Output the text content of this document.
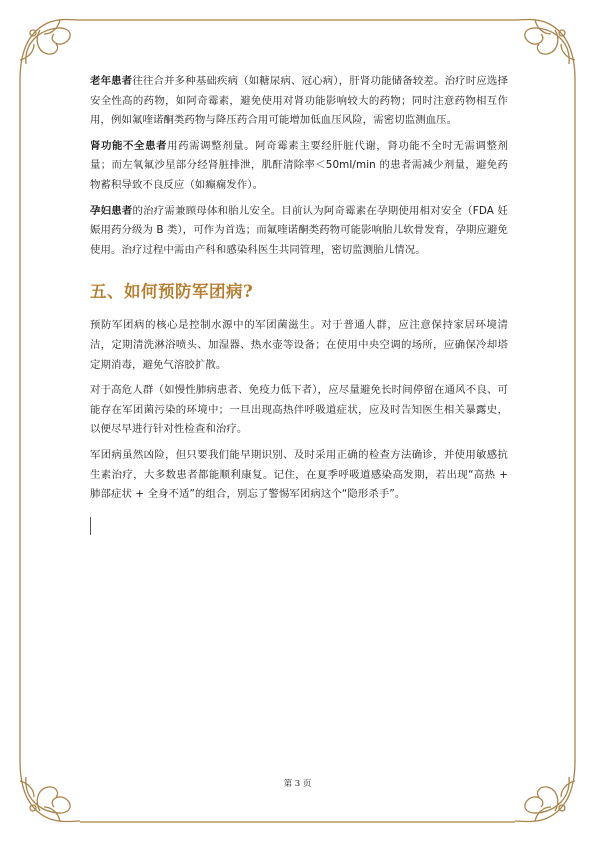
老年患者往往合并多种基础疾病（如糖尿病、冠心病），肝肾功能储备较差。治疗时应选择安全性高的药物，如阿奇霉素，避免使用对肾功能影响较大的药物；同时注意药物相互作用，例如氟喹诺酮类药物与降压药合用可能增加低血压风险，需密切监测血压。

肾功能不全患者用药需调整剂量。阿奇霉素主要经肝脏代谢，肾功能不全时无需调整剂量；而左氧氟沙星部分经肾脏排泄，肌酐清除率＜50ml/min 的患者需减少剂量，避免药物蓄积导致不良反应（如癫痫发作）。

孕妇患者的治疗需兼顾母体和胎儿安全。目前认为阿奇霉素在孕期使用相对安全（FDA 妊娠用药分级为 B 类），可作为首选；而氟喹诺酮类药物可能影响胎儿软骨发育，孕期应避免使用。治疗过程中需由产科和感染科医生共同管理，密切监测胎儿情况。

五、如何预防军团病?

预防军团病的核心是控制水源中的军团菌滋生。对于普通人群，应注意保持家居环境清洁，定期清洗淋浴喷头、加湿器、热水壶等设备；在使用中央空调的场所，应确保冷却塔定期消毒，避免气溶胶扩散。

对于高危人群（如慢性肺病患者、免疫力低下者），应尽量避免长时间停留在通风不良、可能存在军团菌污染的环境中；一旦出现高热伴呼吸道症状，应及时告知医生相关暴露史，以便尽早进行针对性检查和治疗。

军团病虽然凶险，但只要我们能早期识别、及时采用正确的检查方法确诊，并使用敏感抗生素治疗，大多数患者都能顺利康复。记住，在夏季呼吸道感染高发期，若出现“高热 + 肺部症状 + 全身不适”的组合，别忘了警惕军团病这个“隐形杀手”。

第 3 页
